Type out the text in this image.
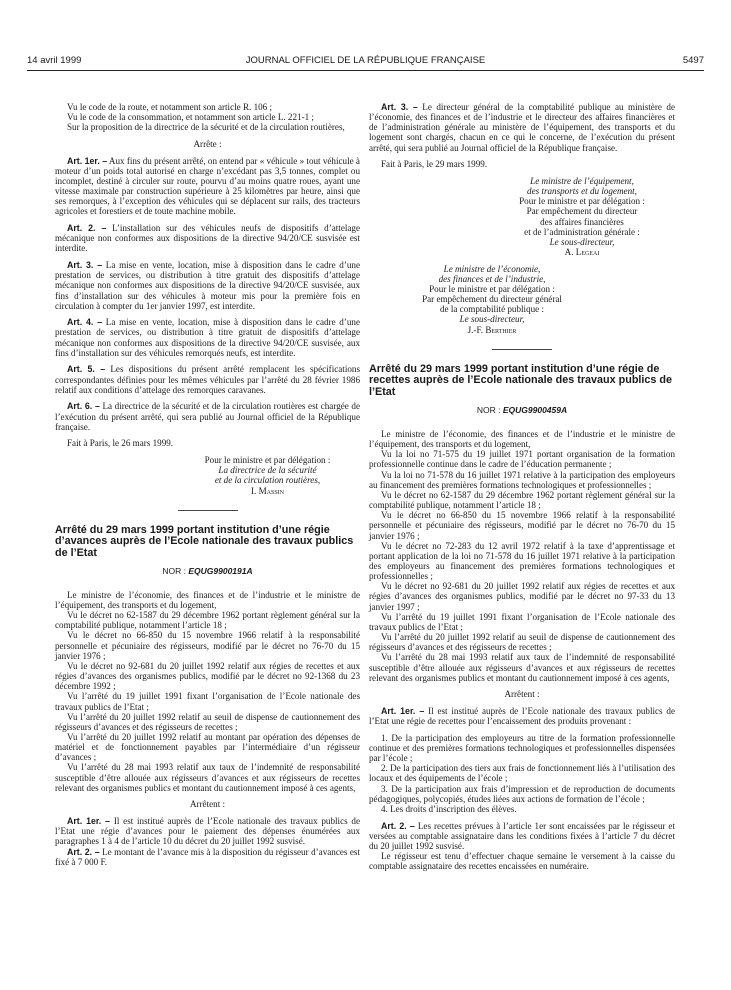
14 avril 1999	JOURNAL OFFICIEL DE LA RÉPUBLIQUE FRANÇAISE	5497

Vu le code de la route, et notamment son article R. 106 ;

Vu le code de la consommation, et notamment son article L. 221-1 ;

Sur la proposition de la directrice de la sécurité et de la circulation routières,

Arrête :

Art. 1er. – Aux fins du présent arrêté, on entend par « véhicule » tout véhicule à moteur d’un poids total autorisé en charge n’excédant pas 3,5 tonnes, complet ou incomplet, destiné à circuler sur route, pourvu d’au moins quatre roues, ayant une vitesse maximale par construction supérieure à 25 kilomètres par heure, ainsi que ses remorques, à l’exception des véhicules qui se déplacent sur rails, des tracteurs agricoles et forestiers et de toute machine mobile.

Art. 2. – L’installation sur des véhicules neufs de dispositifs d’attelage mécanique non conformes aux dispositions de la directive 94/20/CE susvisée est interdite.

Art. 3. – La mise en vente, location, mise à disposition dans le cadre d’une prestation de services, ou distribution à titre gratuit des dispositifs d’attelage mécanique non conformes aux dispositions de la directive 94/20/CE susvisée, aux fins d’installation sur des véhicules à moteur mis pour la première fois en circulation à compter du 1er janvier 1997, est interdite.

Art. 4. – La mise en vente, location, mise à disposition dans le cadre d’une prestation de services, ou distribution à titre gratuit de dispositifs d’attelage mécanique non conformes aux dispositions de la directive 94/20/CE susvisée, aux fins d’installation sur des véhicules remorqués neufs, est interdite.

Art. 5. – Les dispositions du présent arrêté remplacent les spécifications correspondantes définies pour les mêmes véhicules par l’arrêté du 28 février 1986 relatif aux conditions d’attelage des remorques caravanes.

Art. 6. – La directrice de la sécurité et de la circulation routières est chargée de l’exécution du présent arrêté, qui sera publié au Journal officiel de la République française.

Fait à Paris, le 26 mars 1999.

Pour le ministre et par délégation :
La directrice de la sécurité
et de la circulation routières,
I. Massin

Arrêté du 29 mars 1999 portant institution d’une régie d’avances auprès de l’Ecole nationale des travaux publics de l’Etat

NOR : EQUG9900191A

Le ministre de l’économie, des finances et de l’industrie et le ministre de l’équipement, des transports et du logement,

Vu le décret no 62-1587 du 29 décembre 1962 portant règlement général sur la comptabilité publique, notamment l’article 18 ;

Vu le décret no 66-850 du 15 novembre 1966 relatif à la responsabilité personnelle et pécuniaire des régisseurs, modifié par le décret no 76-70 du 15 janvier 1976 ;

Vu le décret no 92-681 du 20 juillet 1992 relatif aux régies de recettes et aux régies d’avances des organismes publics, modifié par le décret no 92-1368 du 23 décembre 1992 ;

Vu l’arrêté du 19 juillet 1991 fixant l’organisation de l’Ecole nationale des travaux publics de l’Etat ;

Vu l’arrêté du 20 juillet 1992 relatif au seuil de dispense de cautionnement des régisseurs d’avances et des régisseurs de recettes ;

Vu l’arrêté du 20 juillet 1992 relatif au montant par opération des dépenses de matériel et de fonctionnement payables par l’intermédiaire d’un régisseur d’avances ;

Vu l’arrêté du 28 mai 1993 relatif aux taux de l’indemnité de responsabilité susceptible d’être allouée aux régisseurs d’avances et aux régisseurs de recettes relevant des organismes publics et montant du cautionnement imposé à ces agents,

Arrêtent :

Art. 1er. – Il est institué auprès de l’Ecole nationale des travaux publics de l’Etat une régie d’avances pour le paiement des dépenses énumérées aux paragraphes 1 à 4 de l’article 10 du décret du 20 juillet 1992 susvisé.

Art. 2. – Le montant de l’avance mis à la disposition du régisseur d’avances est fixé à 7 000 F.

Art. 3. – Le directeur général de la comptabilité publique au ministère de l’économie, des finances et de l’industrie et le directeur des affaires financières et de l’administration générale au ministère de l’équipement, des transports et du logement sont chargés, chacun en ce qui le concerne, de l’exécution du présent arrêté, qui sera publié au Journal officiel de la République française.

Fait à Paris, le 29 mars 1999.

Le ministre de l’équipement,
des transports et du logement,
Pour le ministre et par délégation :
Par empêchement du directeur
des affaires financières
et de l’administration générale :
Le sous-directeur,
A. Legeai
Le ministre de l’économie,
des finances et de l’industrie,
Pour le ministre et par délégation :
Par empêchement du directeur général
de la comptabilité publique :
Le sous-directeur,
J.-F. Berthier

Arrêté du 29 mars 1999 portant institution d’une régie de recettes auprès de l’Ecole nationale des travaux publics de l’Etat

NOR : EQUG9900459A

Le ministre de l’économie, des finances et de l’industrie et le ministre de l’équipement, des transports et du logement,

Vu la loi no 71-575 du 19 juillet 1971 portant organisation de la formation professionnelle continue dans le cadre de l’éducation permanente ;

Vu la loi no 71-578 du 16 juillet 1971 relative à la participation des employeurs au financement des premières formations technologiques et professionnelles ;

Vu le décret no 62-1587 du 29 décembre 1962 portant règlement général sur la comptabilité publique, notamment l’article 18 ;

Vu le décret no 66-850 du 15 novembre 1966 relatif à la responsabilité personnelle et pécuniaire des régisseurs, modifié par le décret no 76-70 du 15 janvier 1976 ;

Vu le décret no 72-283 du 12 avril 1972 relatif à la taxe d’apprentissage et portant application de la loi no 71-578 du 16 juillet 1971 relative à la participation des employeurs au financement des premières formations technologiques et professionnelles ;

Vu le décret no 92-681 du 20 juillet 1992 relatif aux régies de recettes et aux régies d’avances des organismes publics, modifié par le décret no 97-33 du 13 janvier 1997 ;

Vu l’arrêté du 19 juillet 1991 fixant l’organisation de l’Ecole nationale des travaux publics de l’Etat ;

Vu l’arrêté du 20 juillet 1992 relatif au seuil de dispense de cautionnement des régisseurs d’avances et des régisseurs de recettes ;

Vu l’arrêté du 28 mai 1993 relatif aux taux de l’indemnité de responsabilité susceptible d’être allouée aux régisseurs d’avances et aux régisseurs de recettes relevant des organismes publics et montant du cautionnement imposé à ces agents,

Arrêtent :

Art. 1er. – Il est institué auprès de l’Ecole nationale des travaux publics de l’Etat une régie de recettes pour l’encaissement des produits provenant :

1. De la participation des employeurs au titre de la formation professionnelle continue et des premières formations technologiques et professionnelles dispensées par l’école ;

2. De la participation des tiers aux frais de fonctionnement liés à l’utilisation des locaux et des équipements de l’école ;

3. De la participation aux frais d’impression et de reproduction de documents pédagogiques, polycopiés, études liées aux actions de formation de l’école ;

4. Les droits d’inscription des élèves.

Art. 2. – Les recettes prévues à l’article 1er sont encaissées par le régisseur et versées au comptable assignataire dans les conditions fixées à l’article 7 du décret du 20 juillet 1992 susvisé.

Le régisseur est tenu d’effectuer chaque semaine le versement à la caisse du comptable assignataire des recettes encaissées en numéraire.
